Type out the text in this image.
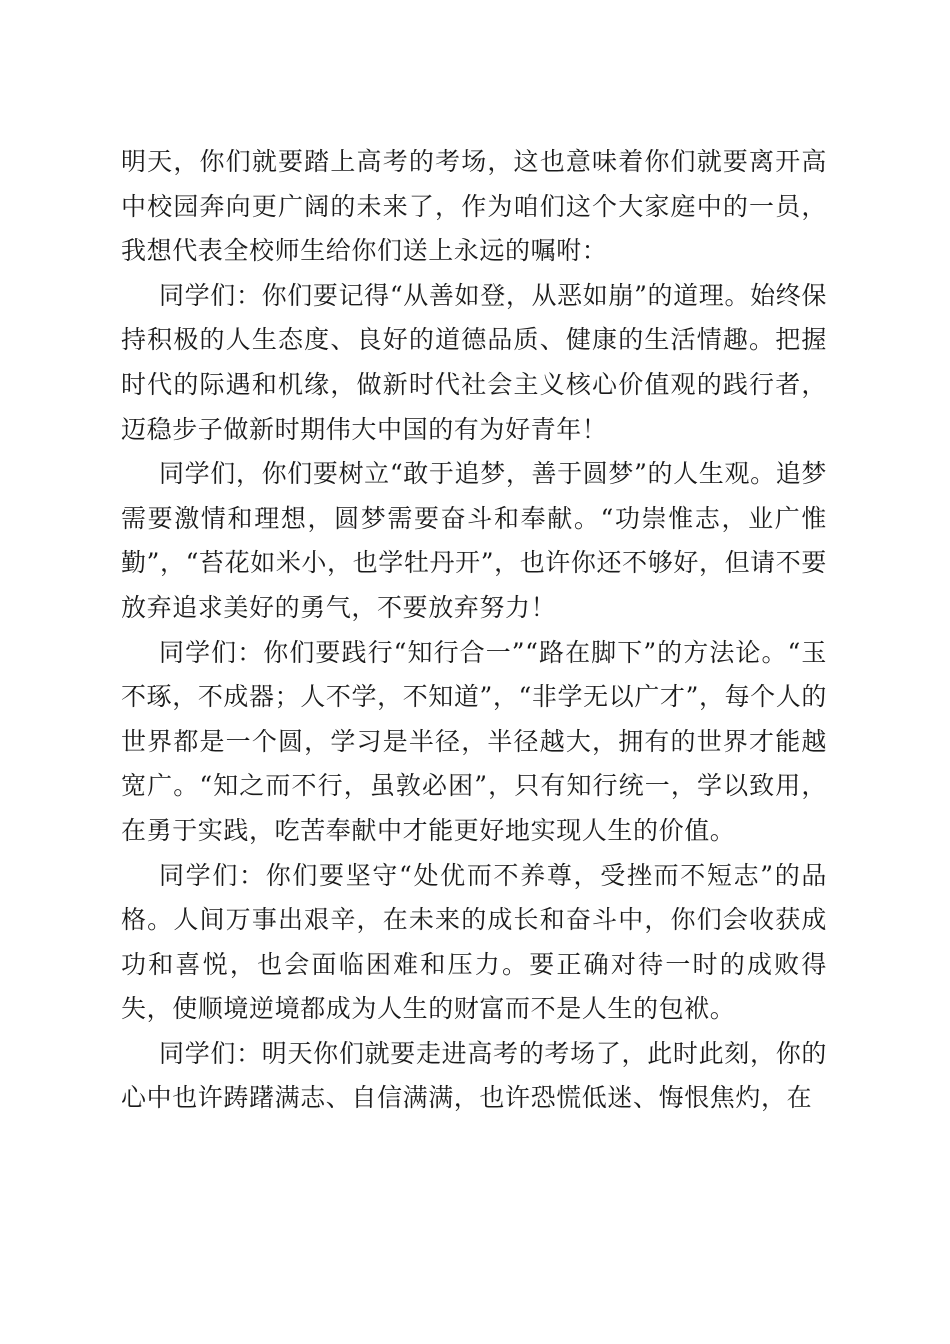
明天，你们就要踏上高考的考场，这也意味着你们就要离开高中校园奔向更广阔的未来了，作为咱们这个大家庭中的一员，我想代表全校师生给你们送上永远的嘱咐：

同学们：你们要记得“从善如登，从恶如崩”的道理。始终保持积极的人生态度、良好的道德品质、健康的生活情趣。把握时代的际遇和机缘，做新时代社会主义核心价值观的践行者，迈稳步子做新时期伟大中国的有为好青年！

同学们，你们要树立“敢于追梦，善于圆梦”的人生观。追梦需要激情和理想，圆梦需要奋斗和奉献。“功崇惟志，业广惟勤”，“苔花如米小，也学牡丹开”，也许你还不够好，但请不要放弃追求美好的勇气，不要放弃努力！

同学们：你们要践行“知行合一”“路在脚下”的方法论。“玉不琢，不成器；人不学，不知道”，“非学无以广才”，每个人的世界都是一个圆，学习是半径，半径越大，拥有的世界才能越宽广。“知之而不行，虽敦必困”，只有知行统一，学以致用，在勇于实践，吃苦奉献中才能更好地实现人生的价值。

同学们：你们要坚守“处优而不养尊，受挫而不短志”的品格。人间万事出艰辛，在未来的成长和奋斗中，你们会收获成功和喜悦，也会面临困难和压力。要正确对待一时的成败得失，使顺境逆境都成为人生的财富而不是人生的包袱。

同学们：明天你们就要走进高考的考场了，此时此刻，你的心中也许踌躇满志、自信满满，也许恐慌低迷、悔恨焦灼，在
